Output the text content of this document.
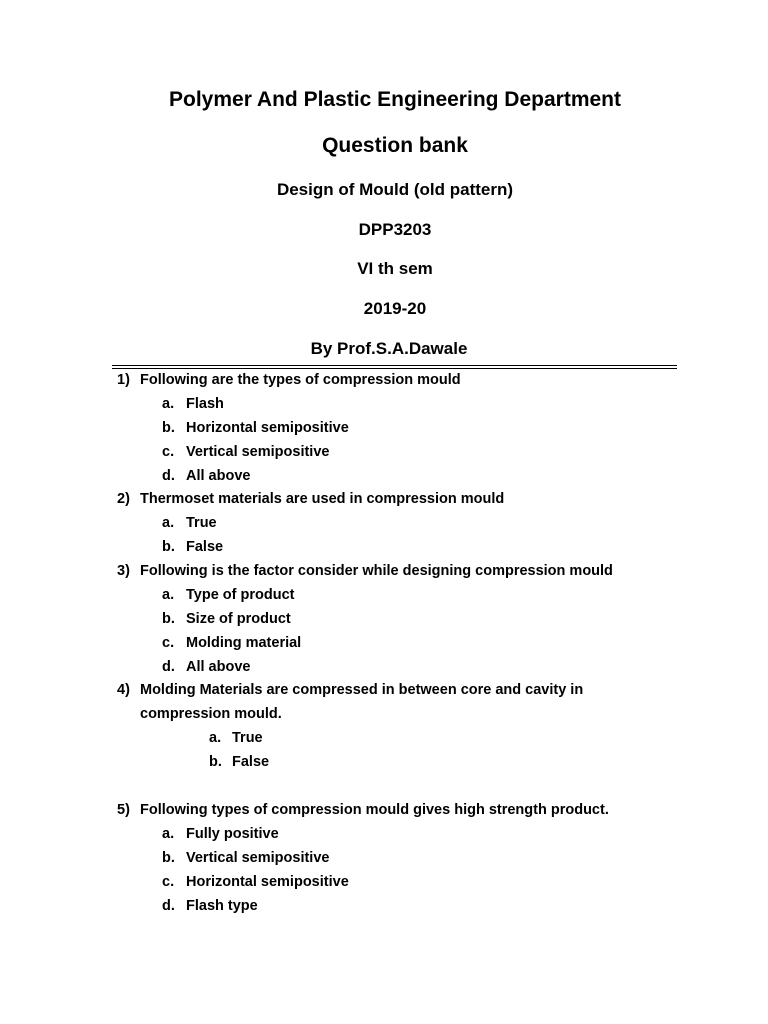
Polymer And Plastic Engineering Department
Question bank
Design of Mould (old pattern)
DPP3203
VI th sem
2019-20
By Prof.S.A.Dawale
1) Following are the types of compression mould
a. Flash
b. Horizontal semipositive
c. Vertical semipositive
d. All above
2) Thermoset materials are used in compression mould
a. True
b. False
3) Following is the factor consider while designing compression mould
a. Type of product
b. Size of product
c. Molding material
d. All above
4) Molding Materials are compressed in between core and cavity in
compression mould.
a. True
b. False
5) Following types of compression mould gives high strength product.
a. Fully positive
b. Vertical semipositive
c. Horizontal semipositive
d. Flash type
